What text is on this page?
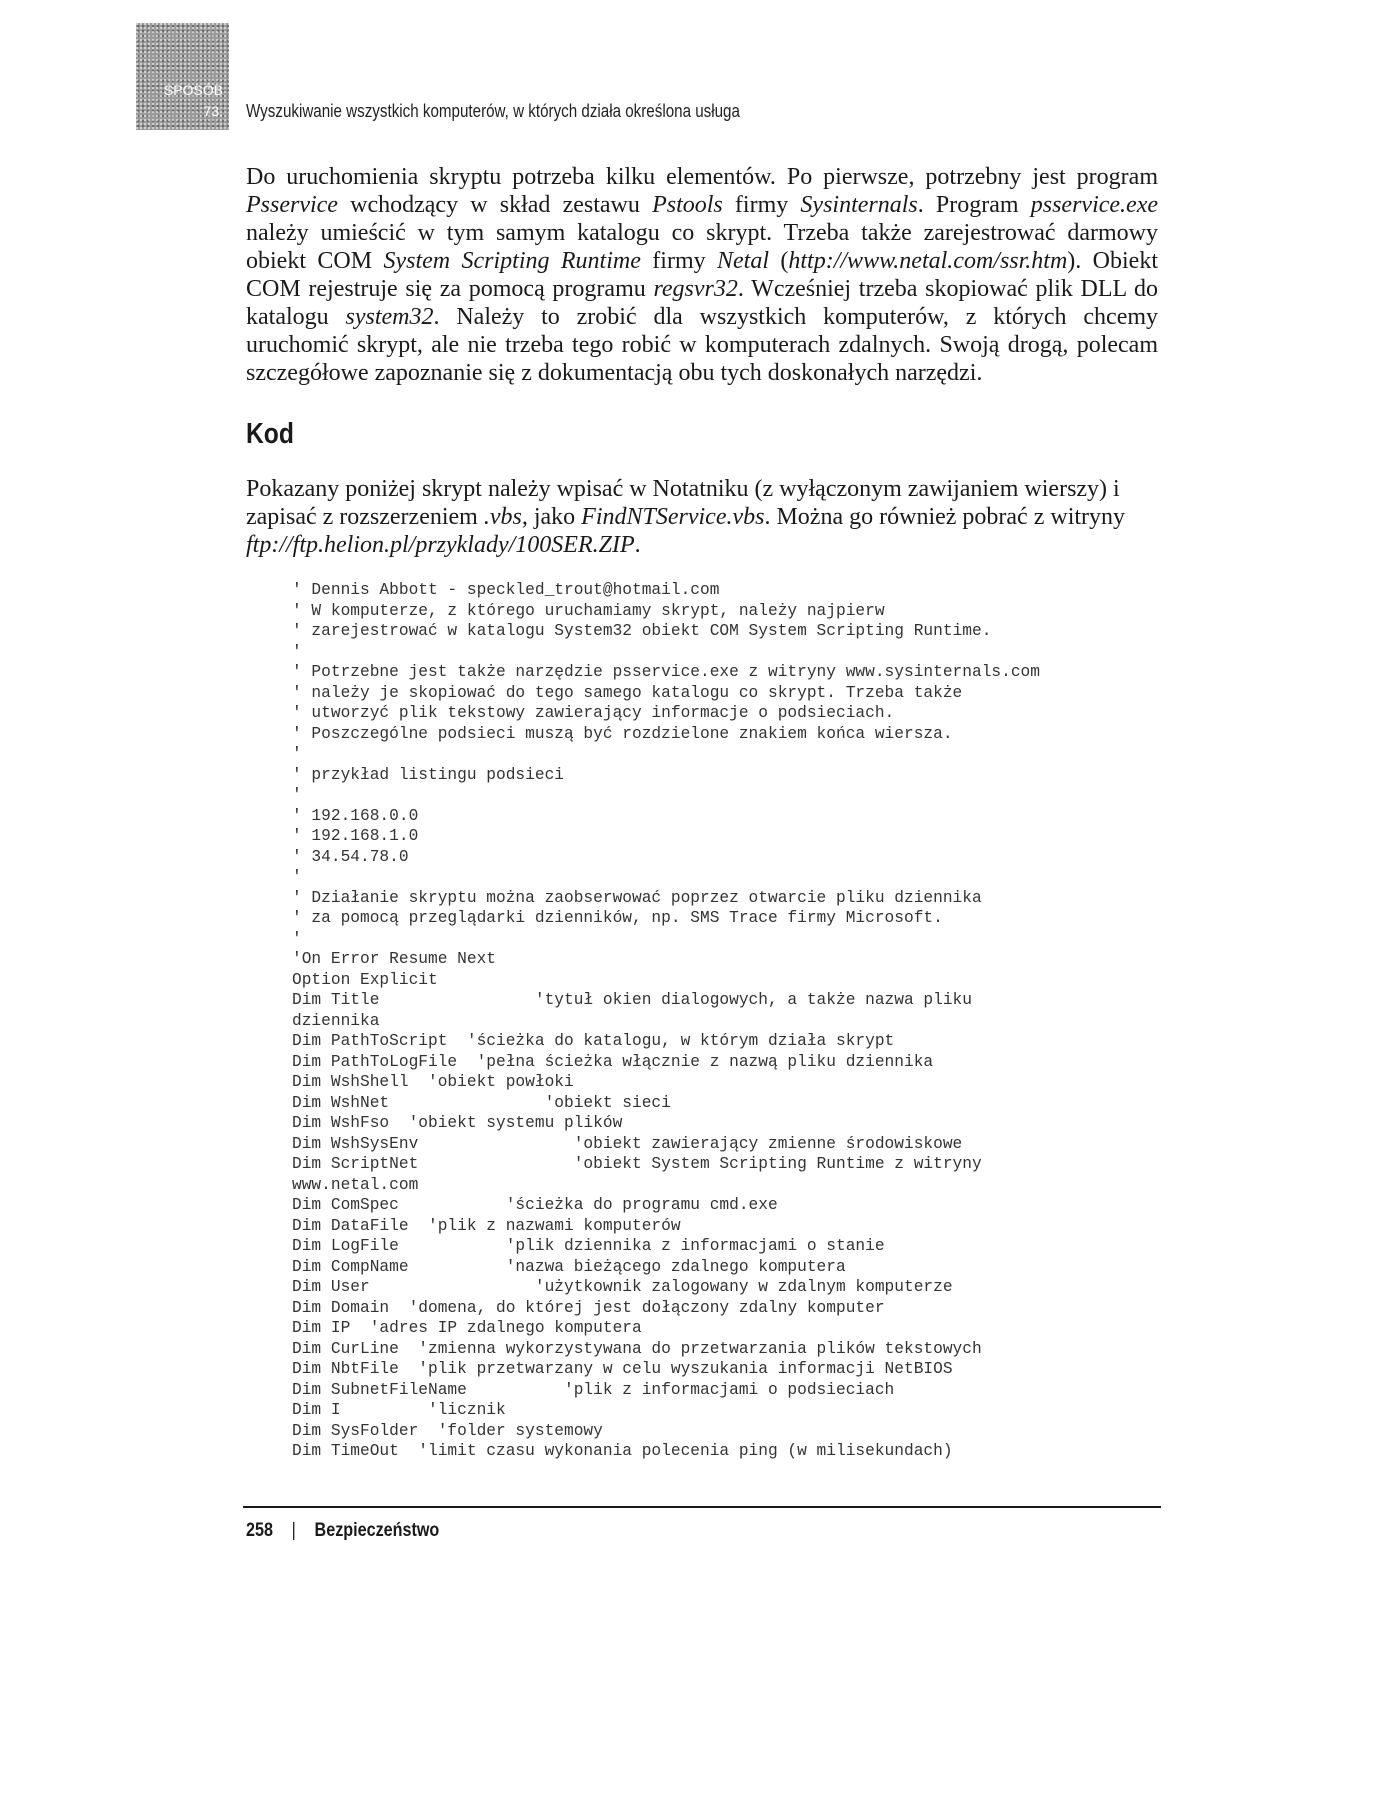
SPOSÓB
73. Wyszukiwanie wszystkich komputerów, w których działa określona usługa

Do uruchomienia skryptu potrzeba kilku elementów. Po pierwsze, potrzebny jest program Psservice wchodzący w skład zestawu Pstools firmy Sysinternals. Program psservice.exe należy umieścić w tym samym katalogu co skrypt. Trzeba także zarejestrować darmowy obiekt COM System Scripting Runtime firmy Netal (http://www.netal.com/ssr.htm). Obiekt COM rejestruje się za pomocą programu regsvr32. Wcześniej trzeba skopiować plik DLL do katalogu system32. Należy to zrobić dla wszystkich komputerów, z których chcemy uruchomić skrypt, ale nie trzeba tego robić w komputerach zdalnych. Swoją drogą, polecam szczegółowe zapoznanie się z dokumentacją obu tych doskonałych narzędzi.

Kod

Pokazany poniżej skrypt należy wpisać w Notatniku (z wyłączonym zawijaniem wierszy) i zapisać z rozszerzeniem .vbs, jako FindNTService.vbs. Można go również pobrać z witryny ftp://ftp.helion.pl/przyklady/100SER.ZIP.

' Dennis Abbott - speckled_trout@hotmail.com
' W komputerze, z którego uruchamiamy skrypt, należy najpierw
' zarejestrować w katalogu System32 obiekt COM System Scripting Runtime.
'
' Potrzebne jest także narzędzie psservice.exe z witryny www.sysinternals.com
' należy je skopiować do tego samego katalogu co skrypt. Trzeba także
' utworzyć plik tekstowy zawierający informacje o podsieciach.
' Poszczególne podsieci muszą być rozdzielone znakiem końca wiersza.
'
' przykład listingu podsieci
'
' 192.168.0.0
' 192.168.1.0
' 34.54.78.0
'
' Działanie skryptu można zaobserwować poprzez otwarcie pliku dziennika
' za pomocą przeglądarki dzienników, np. SMS Trace firmy Microsoft.
'
'On Error Resume Next
Option Explicit
Dim Title                'tytuł okien dialogowych, a także nazwa pliku
dziennika
Dim PathToScript  'ścieżka do katalogu, w którym działa skrypt
Dim PathToLogFile  'pełna ścieżka włącznie z nazwą pliku dziennika
Dim WshShell  'obiekt powłoki
Dim WshNet                'obiekt sieci
Dim WshFso  'obiekt systemu plików
Dim WshSysEnv                'obiekt zawierający zmienne środowiskowe
Dim ScriptNet                'obiekt System Scripting Runtime z witryny
www.netal.com
Dim ComSpec           'ścieżka do programu cmd.exe
Dim DataFile  'plik z nazwami komputerów
Dim LogFile           'plik dziennika z informacjami o stanie
Dim CompName          'nazwa bieżącego zdalnego komputera
Dim User                 'użytkownik zalogowany w zdalnym komputerze
Dim Domain  'domena, do której jest dołączony zdalny komputer
Dim IP  'adres IP zdalnego komputera
Dim CurLine  'zmienna wykorzystywana do przetwarzania plików tekstowych
Dim NbtFile  'plik przetwarzany w celu wyszukania informacji NetBIOS
Dim SubnetFileName          'plik z informacjami o podsieciach
Dim I         'licznik
Dim SysFolder  'folder systemowy
Dim TimeOut  'limit czasu wykonania polecenia ping (w milisekundach)
258 | Bezpieczeństwo
